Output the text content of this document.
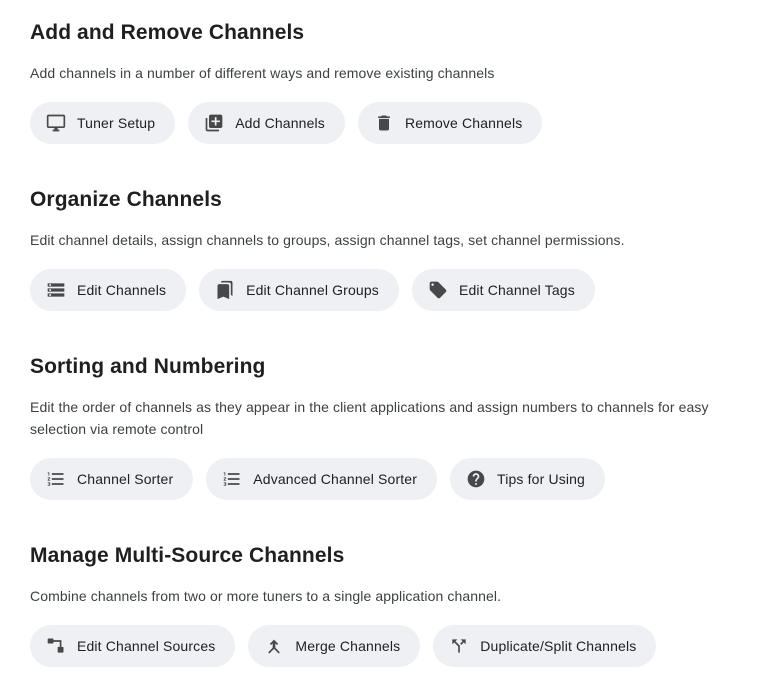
Add and Remove Channels

Add channels in a number of different ways and remove existing channels

Tuner Setup	Add Channels	Remove Channels
Organize Channels

Edit channel details, assign channels to groups, assign channel tags, set channel permissions.

Edit Channels	Edit Channel Groups	Edit Channel Tags
Sorting and Numbering

Edit the order of channels as they appear in the client applications and assign numbers to channels for easy selection via remote control

Channel Sorter	Advanced Channel Sorter	Tips for Using
Manage Multi-Source Channels

Combine channels from two or more tuners to a single application channel.

Edit Channel Sources	Merge Channels	Duplicate/Split Channels
